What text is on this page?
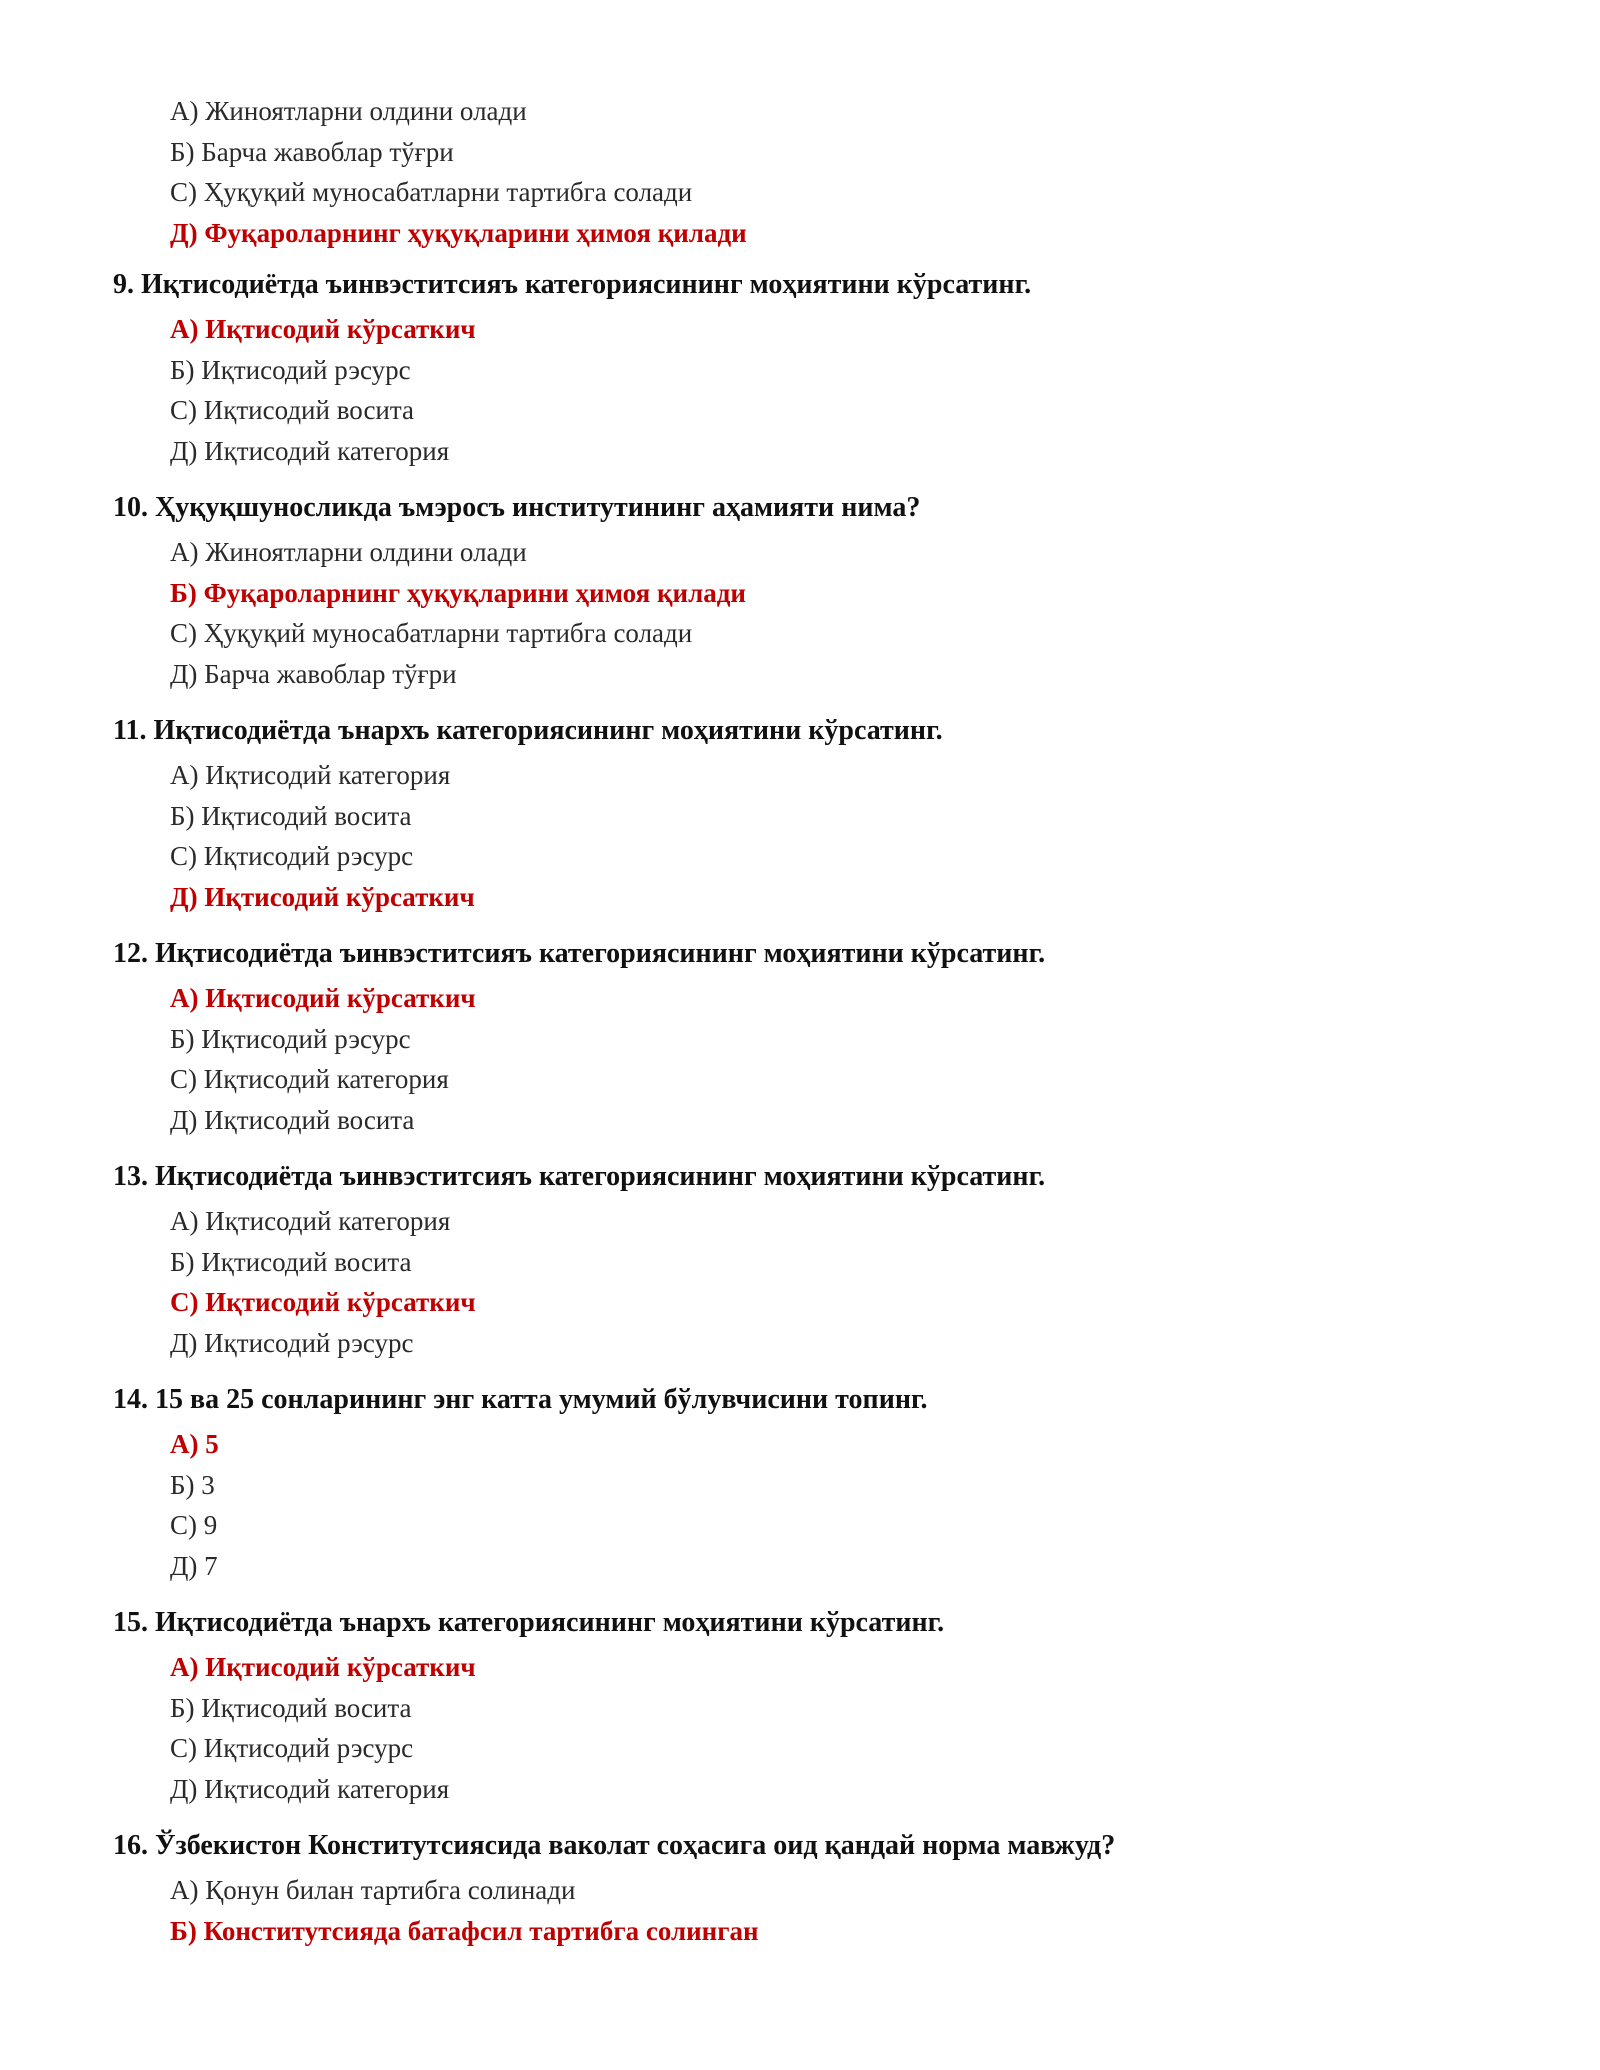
А) Жиноятларни олдини олади
Б) Барча жавоблар тўғри
С) Ҳуқуқий муносабатларни тартибга солади
Д) Фуқароларнинг ҳуқуқларини ҳимоя қилади
9. Иқтисодиётда ъинвэститсияъ категориясининг моҳиятини кўрсатинг.
А) Иқтисодий кўрсаткич
Б) Иқтисодий рэсурс
С) Иқтисодий восита
Д) Иқтисодий категория
10. Ҳуқуқшуносликда ъмэросъ институтининг аҳамияти нима?
А) Жиноятларни олдини олади
Б) Фуқароларнинг ҳуқуқларини ҳимоя қилади
С) Ҳуқуқий муносабатларни тартибга солади
Д) Барча жавоблар тўғри
11. Иқтисодиётда ънархъ категориясининг моҳиятини кўрсатинг.
А) Иқтисодий категория
Б) Иқтисодий восита
С) Иқтисодий рэсурс
Д) Иқтисодий кўрсаткич
12. Иқтисодиётда ъинвэститсияъ категориясининг моҳиятини кўрсатинг.
А) Иқтисодий кўрсаткич
Б) Иқтисодий рэсурс
С) Иқтисодий категория
Д) Иқтисодий восита
13. Иқтисодиётда ъинвэститсияъ категориясининг моҳиятини кўрсатинг.
А) Иқтисодий категория
Б) Иқтисодий восита
С) Иқтисодий кўрсаткич
Д) Иқтисодий рэсурс
14. 15 ва 25 сонларининг энг катта умумий бўлувчисини топинг.
А) 5
Б) 3
С) 9
Д) 7
15. Иқтисодиётда ънархъ категориясининг моҳиятини кўрсатинг.
А) Иқтисодий кўрсаткич
Б) Иқтисодий восита
С) Иқтисодий рэсурс
Д) Иқтисодий категория
16. Ўзбекистон Конститутсиясида ваколат соҳасига оид қандай норма мавжуд?
А) Қонун билан тартибга солинади
Б) Конститутсияда батафсил тартибга солинган
